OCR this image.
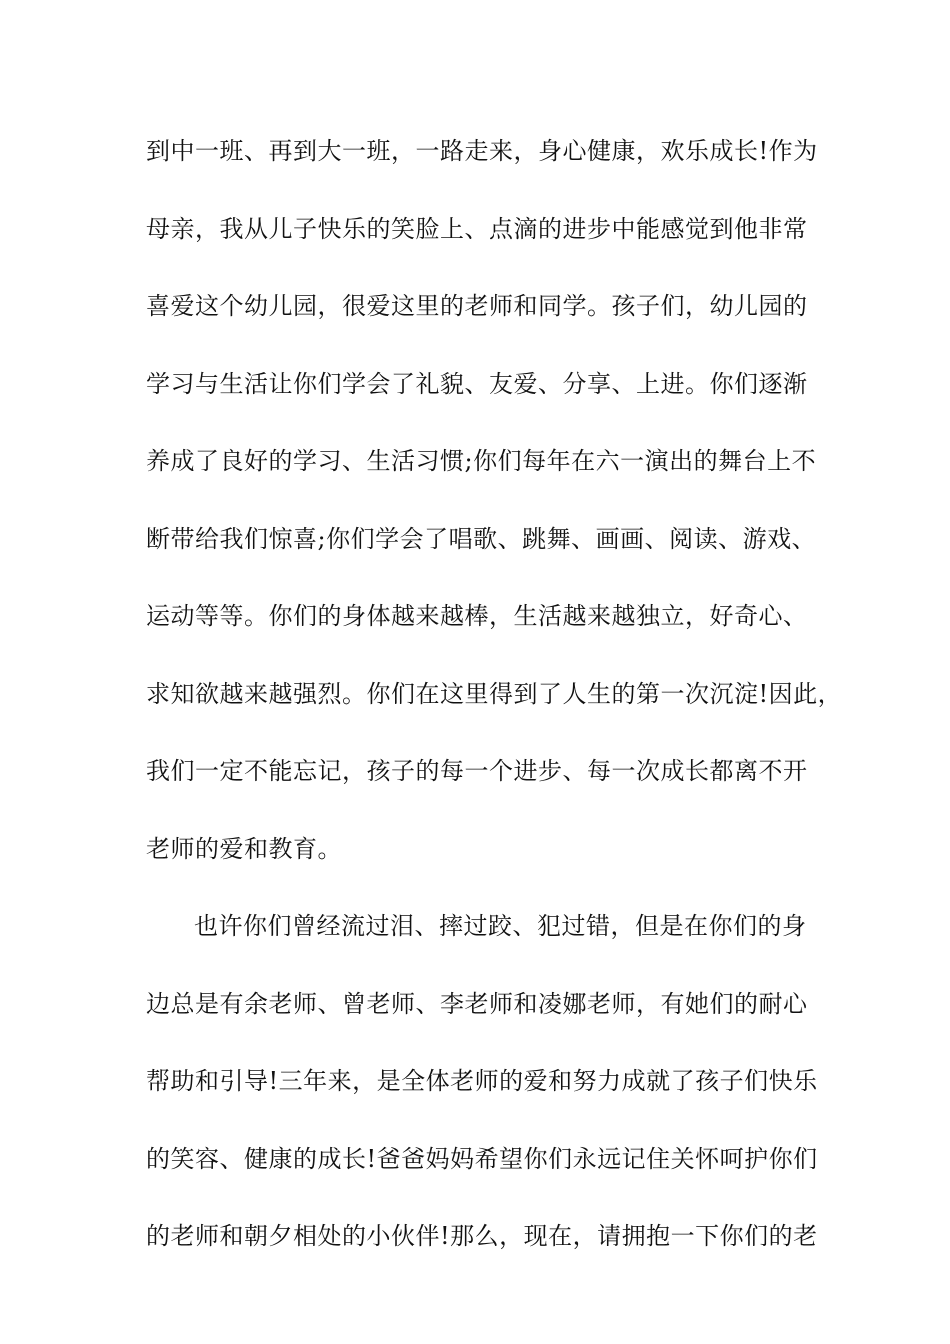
到中一班、再到大一班，一路走来，身心健康，欢乐成长!作为
母亲，我从儿子快乐的笑脸上、点滴的进步中能感觉到他非常
喜爱这个幼儿园，很爱这里的老师和同学。孩子们，幼儿园的
学习与生活让你们学会了礼貌、友爱、分享、上进。你们逐渐
养成了良好的学习、生活习惯;你们每年在六一演出的舞台上不
断带给我们惊喜;你们学会了唱歌、跳舞、画画、阅读、游戏、
运动等等。你们的身体越来越棒，生活越来越独立，好奇心、
求知欲越来越强烈。你们在这里得到了人生的第一次沉淀!因此，
我们一定不能忘记，孩子的每一个进步、每一次成长都离不开
老师的爱和教育。
也许你们曾经流过泪、摔过跤、犯过错，但是在你们的身
边总是有余老师、曾老师、李老师和凌娜老师，有她们的耐心
帮助和引导!三年来，是全体老师的爱和努力成就了孩子们快乐
的笑容、健康的成长!爸爸妈妈希望你们永远记住关怀呵护你们
的老师和朝夕相处的小伙伴!那么，现在，请拥抱一下你们的老
